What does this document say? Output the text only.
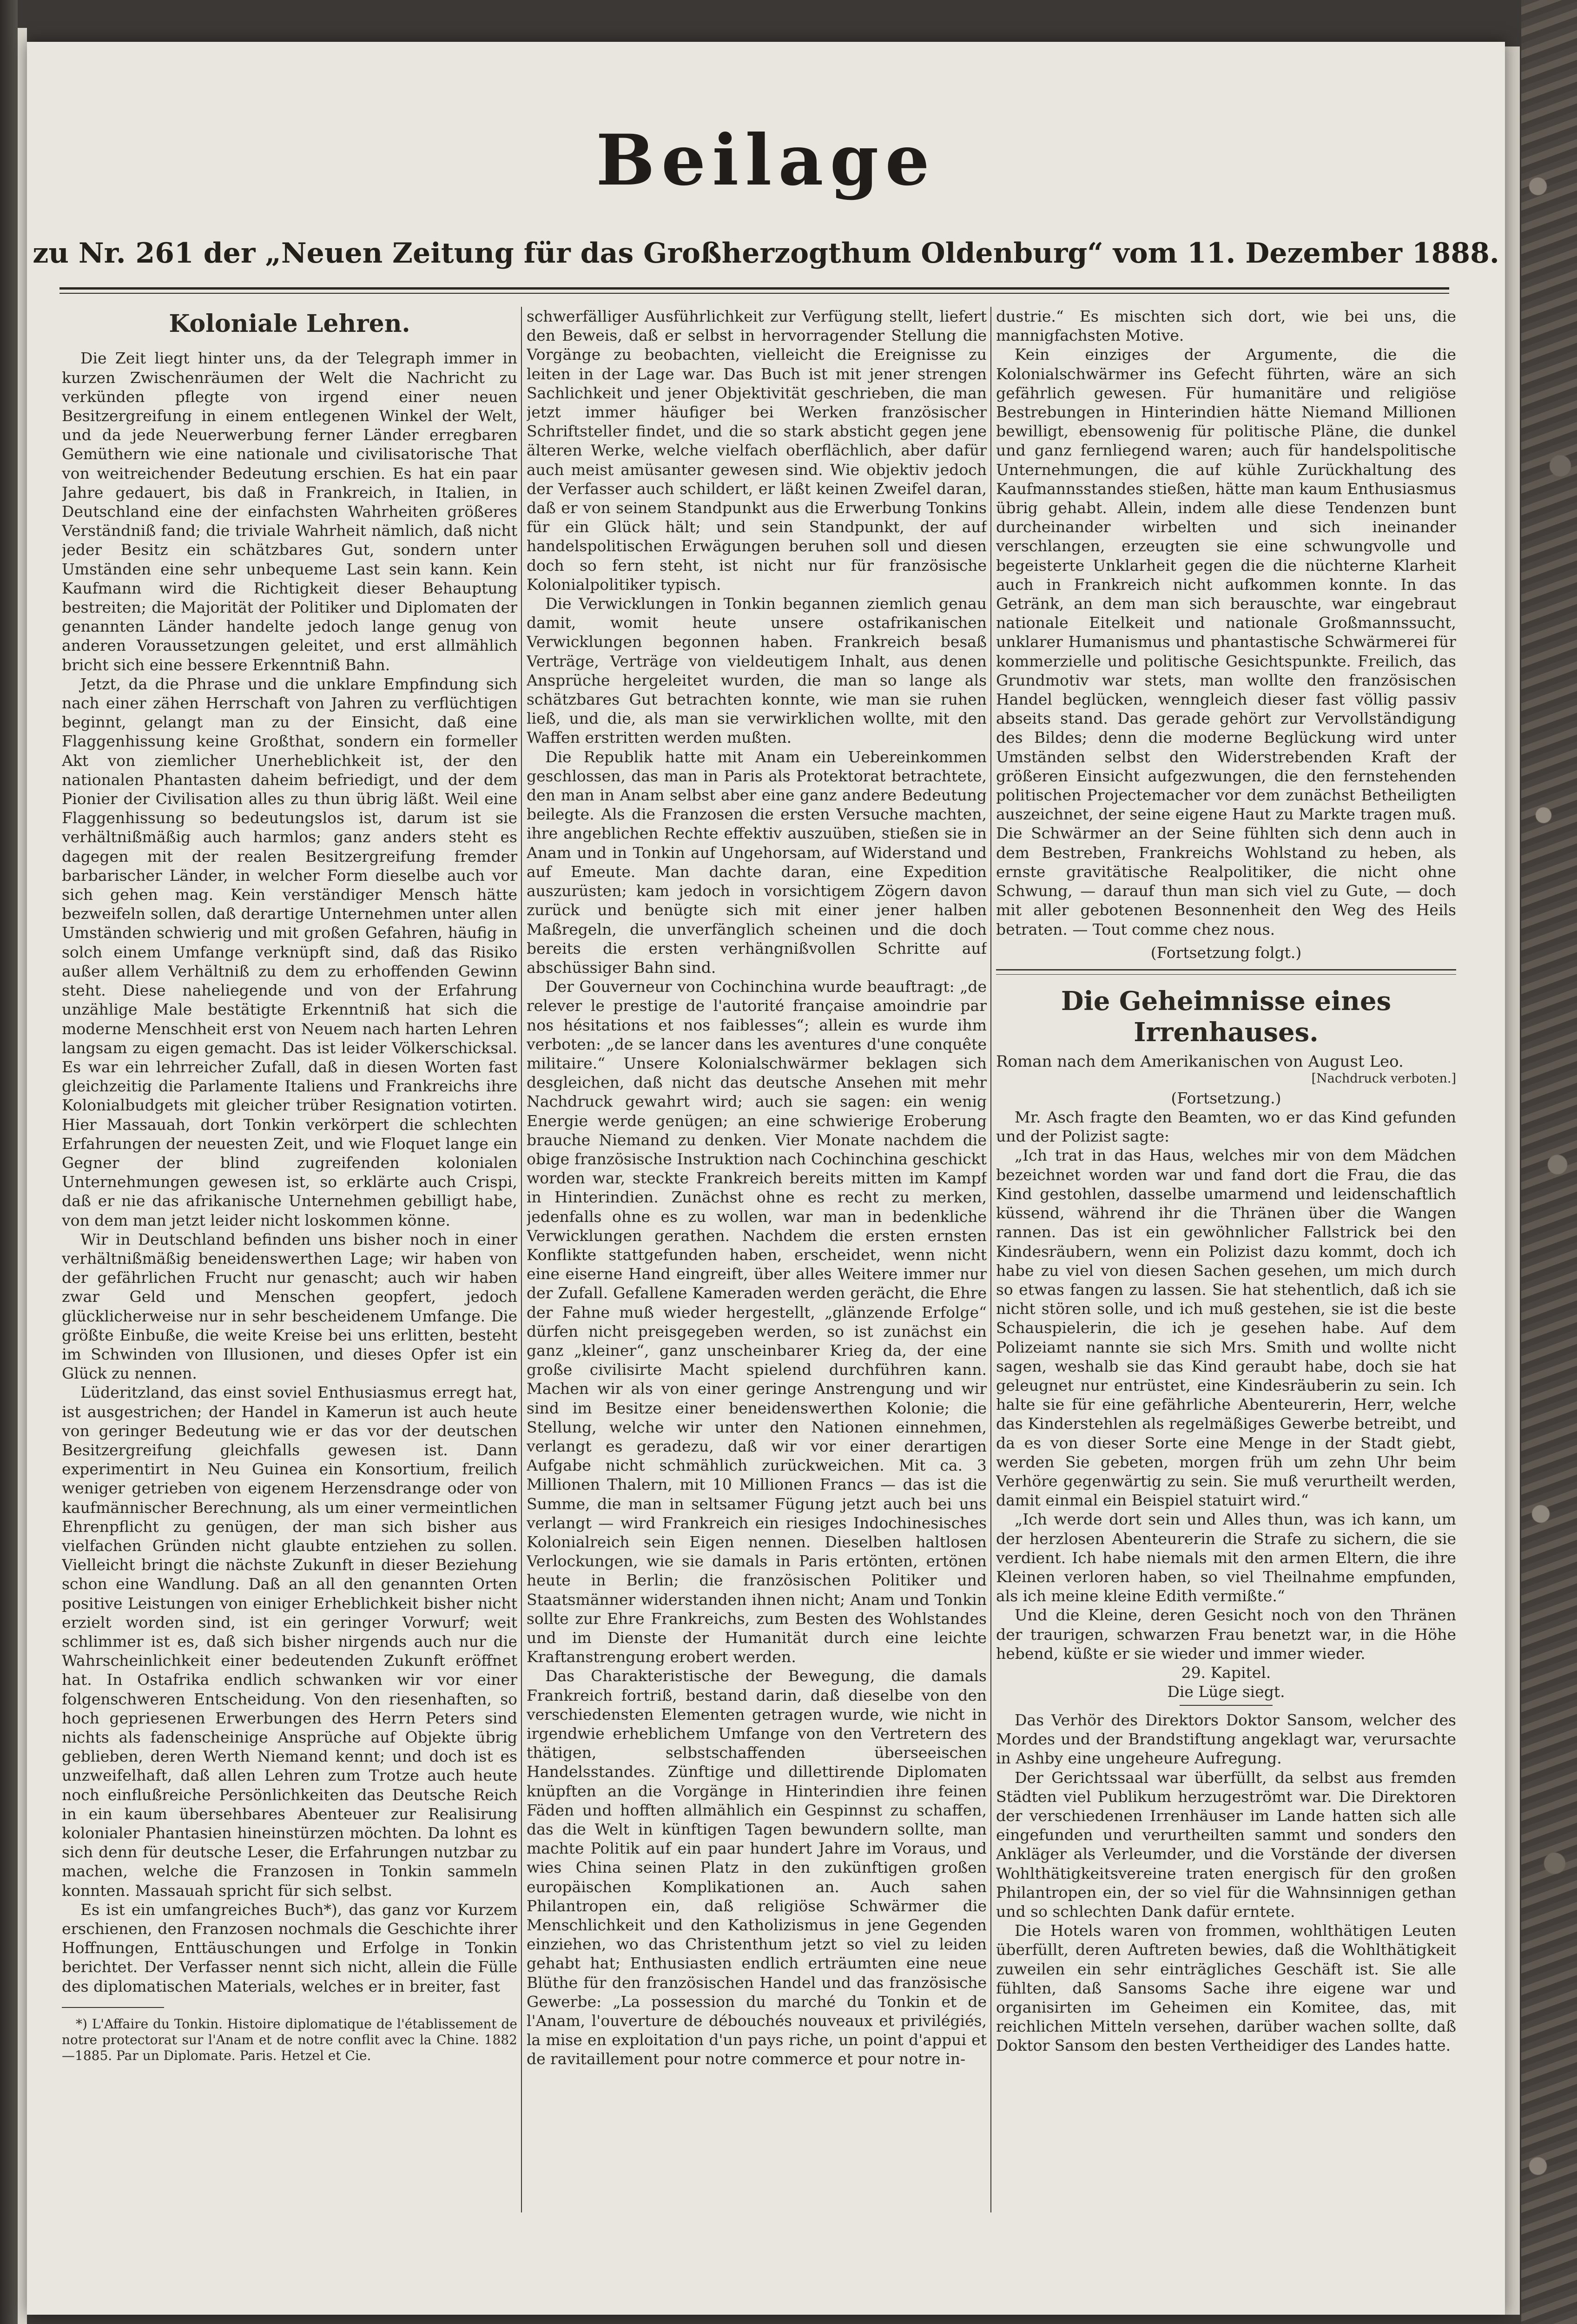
Beilage
zu Nr. 261 der „Neuen Zeitung für das Großherzogthum Oldenburg“ vom 11. Dezember 1888.
Koloniale Lehren.

Die Zeit liegt hinter uns, da der Telegraph immer in kurzen Zwischenräumen der Welt die Nachricht zu verkünden pflegte von irgend einer neuen Besitzergreifung in einem entlegenen Winkel der Welt, und da jede Neuerwerbung ferner Länder erregbaren Gemüthern wie eine nationale und civilisatorische That von weitreichender Bedeutung erschien. Es hat ein paar Jahre gedauert, bis daß in Frankreich, in Italien, in Deutschland eine der einfachsten Wahrheiten größeres Verständniß fand; die triviale Wahrheit nämlich, daß nicht jeder Besitz ein schätzbares Gut, sondern unter Umständen eine sehr unbequeme Last sein kann. Kein Kaufmann wird die Richtigkeit dieser Behauptung bestreiten; die Majorität der Politiker und Diplomaten der genannten Länder handelte jedoch lange genug von anderen Voraussetzungen geleitet, und erst allmählich bricht sich eine bessere Erkenntniß Bahn.

Jetzt, da die Phrase und die unklare Empfindung sich nach einer zähen Herrschaft von Jahren zu verflüchtigen beginnt, gelangt man zu der Einsicht, daß eine Flaggenhissung keine Großthat, sondern ein formeller Akt von ziemlicher Unerheblichkeit ist, der den nationalen Phantasten daheim befriedigt, und der dem Pionier der Civilisation alles zu thun übrig läßt. Weil eine Flaggenhissung so bedeutungslos ist, darum ist sie verhältnißmäßig auch harmlos; ganz anders steht es dagegen mit der realen Besitzergreifung fremder barbarischer Länder, in welcher Form dieselbe auch vor sich gehen mag. Kein verständiger Mensch hätte bezweifeln sollen, daß derartige Unternehmen unter allen Umständen schwierig und mit großen Gefahren, häufig in solch einem Umfange verknüpft sind, daß das Risiko außer allem Verhältniß zu dem zu erhoffenden Gewinn steht. Diese naheliegende und von der Erfahrung unzählige Male bestätigte Erkenntniß hat sich die moderne Menschheit erst von Neuem nach harten Lehren langsam zu eigen gemacht. Das ist leider Völkerschicksal. Es war ein lehrreicher Zufall, daß in diesen Worten fast gleichzeitig die Parlamente Italiens und Frankreichs ihre Kolonialbudgets mit gleicher trüber Resignation votirten. Hier Massauah, dort Tonkin verkörpert die schlechten Erfahrungen der neuesten Zeit, und wie Floquet lange ein Gegner der blind zugreifenden kolonialen Unternehmungen gewesen ist, so erklärte auch Crispi, daß er nie das afrikanische Unternehmen gebilligt habe, von dem man jetzt leider nicht loskommen könne.

Wir in Deutschland befinden uns bisher noch in einer verhältnißmäßig beneidenswerthen Lage; wir haben von der gefährlichen Frucht nur genascht; auch wir haben zwar Geld und Menschen geopfert, jedoch glücklicherweise nur in sehr bescheidenem Umfange. Die größte Einbuße, die weite Kreise bei uns erlitten, besteht im Schwinden von Illusionen, und dieses Opfer ist ein Glück zu nennen.

Lüderitzland, das einst soviel Enthusiasmus erregt hat, ist ausgestrichen; der Handel in Kamerun ist auch heute von geringer Bedeutung wie er das vor der deutschen Besitzergreifung gleichfalls gewesen ist. Dann experimentirt in Neu Guinea ein Konsortium, freilich weniger getrieben von eigenem Herzensdrange oder von kaufmännischer Berechnung, als um einer vermeintlichen Ehrenpflicht zu genügen, der man sich bisher aus vielfachen Gründen nicht glaubte entziehen zu sollen. Vielleicht bringt die nächste Zukunft in dieser Beziehung schon eine Wandlung. Daß an all den genannten Orten positive Leistungen von einiger Erheblichkeit bisher nicht erzielt worden sind, ist ein geringer Vorwurf; weit schlimmer ist es, daß sich bisher nirgends auch nur die Wahrscheinlichkeit einer bedeutenden Zukunft eröffnet hat. In Ostafrika endlich schwanken wir vor einer folgenschweren Entscheidung. Von den riesenhaften, so hoch gepriesenen Erwerbungen des Herrn Peters sind nichts als fadenscheinige Ansprüche auf Objekte übrig geblieben, deren Werth Niemand kennt; und doch ist es unzweifelhaft, daß allen Lehren zum Trotze auch heute noch einflußreiche Persönlichkeiten das Deutsche Reich in ein kaum übersehbares Abenteuer zur Realisirung kolonialer Phantasien hineinstürzen möchten. Da lohnt es sich denn für deutsche Leser, die Erfahrungen nutzbar zu machen, welche die Franzosen in Tonkin sammeln konnten. Massauah spricht für sich selbst.

Es ist ein umfangreiches Buch*), das ganz vor Kurzem erschienen, den Franzosen nochmals die Geschichte ihrer Hoffnungen, Enttäuschungen und Erfolge in Tonkin berichtet. Der Verfasser nennt sich nicht, allein die Fülle des diplomatischen Materials, welches er in breiter, fast

*) L'Affaire du Tonkin. Histoire diplomatique de l'établissement de notre protectorat sur l'Anam et de notre conflit avec la Chine. 1882—1885. Par un Diplomate. Paris. Hetzel et Cie.

schwerfälliger Ausführlichkeit zur Verfügung stellt, liefert den Beweis, daß er selbst in hervorragender Stellung die Vorgänge zu beobachten, vielleicht die Ereignisse zu leiten in der Lage war. Das Buch ist mit jener strengen Sachlichkeit und jener Objektivität geschrieben, die man jetzt immer häufiger bei Werken französischer Schriftsteller findet, und die so stark absticht gegen jene älteren Werke, welche vielfach oberflächlich, aber dafür auch meist amüsanter gewesen sind. Wie objektiv jedoch der Verfasser auch schildert, er läßt keinen Zweifel daran, daß er von seinem Standpunkt aus die Erwerbung Tonkins für ein Glück hält; und sein Standpunkt, der auf handelspolitischen Erwägungen beruhen soll und diesen doch so fern steht, ist nicht nur für französische Kolonialpolitiker typisch.

Die Verwicklungen in Tonkin begannen ziemlich genau damit, womit heute unsere ostafrikanischen Verwicklungen begonnen haben. Frankreich besaß Verträge, Verträge von vieldeutigem Inhalt, aus denen Ansprüche hergeleitet wurden, die man so lange als schätzbares Gut betrachten konnte, wie man sie ruhen ließ, und die, als man sie verwirklichen wollte, mit den Waffen erstritten werden mußten.

Die Republik hatte mit Anam ein Uebereinkommen geschlossen, das man in Paris als Protektorat betrachtete, den man in Anam selbst aber eine ganz andere Bedeutung beilegte. Als die Franzosen die ersten Versuche machten, ihre angeblichen Rechte effektiv auszuüben, stießen sie in Anam und in Tonkin auf Ungehorsam, auf Widerstand und auf Emeute. Man dachte daran, eine Expedition auszurüsten; kam jedoch in vorsichtigem Zögern davon zurück und benügte sich mit einer jener halben Maßregeln, die unverfänglich scheinen und die doch bereits die ersten verhängnißvollen Schritte auf abschüssiger Bahn sind.

Der Gouverneur von Cochinchina wurde beauftragt: „de relever le prestige de l'autorité française amoindrie par nos hésitations et nos faiblesses“; allein es wurde ihm verboten: „de se lancer dans les aventures d'une conquête militaire.“ Unsere Kolonialschwärmer beklagen sich desgleichen, daß nicht das deutsche Ansehen mit mehr Nachdruck gewahrt wird; auch sie sagen: ein wenig Energie werde genügen; an eine schwierige Eroberung brauche Niemand zu denken. Vier Monate nachdem die obige französische Instruktion nach Cochinchina geschickt worden war, steckte Frankreich bereits mitten im Kampf in Hinterindien. Zunächst ohne es recht zu merken, jedenfalls ohne es zu wollen, war man in bedenkliche Verwicklungen gerathen. Nachdem die ersten ernsten Konflikte stattgefunden haben, erscheidet, wenn nicht eine eiserne Hand eingreift, über alles Weitere immer nur der Zufall. Gefallene Kameraden werden gerächt, die Ehre der Fahne muß wieder hergestellt, „glänzende Erfolge“ dürfen nicht preisgegeben werden, so ist zunächst ein ganz „kleiner“, ganz unscheinbarer Krieg da, der eine große civilisirte Macht spielend durchführen kann. Machen wir als von einer geringe Anstrengung und wir sind im Besitze einer beneidenswerthen Kolonie; die Stellung, welche wir unter den Nationen einnehmen, verlangt es geradezu, daß wir vor einer derartigen Aufgabe nicht schmählich zurückweichen. Mit ca. 3 Millionen Thalern, mit 10 Millionen Francs — das ist die Summe, die man in seltsamer Fügung jetzt auch bei uns verlangt — wird Frankreich ein riesiges Indochinesisches Kolonialreich sein Eigen nennen. Dieselben haltlosen Verlockungen, wie sie damals in Paris ertönten, ertönen heute in Berlin; die französischen Politiker und Staatsmänner widerstanden ihnen nicht; Anam und Tonkin sollte zur Ehre Frankreichs, zum Besten des Wohlstandes und im Dienste der Humanität durch eine leichte Kraftanstrengung erobert werden.

Das Charakteristische der Bewegung, die damals Frankreich fortriß, bestand darin, daß dieselbe von den verschiedensten Elementen getragen wurde, wie nicht in irgendwie erheblichem Umfange von den Vertretern des thätigen, selbstschaffenden überseeischen Handelsstandes. Zünftige und dillettirende Diplomaten knüpften an die Vorgänge in Hinterindien ihre feinen Fäden und hofften allmählich ein Gespinnst zu schaffen, das die Welt in künftigen Tagen bewundern sollte, man machte Politik auf ein paar hundert Jahre im Voraus, und wies China seinen Platz in den zukünftigen großen europäischen Komplikationen an. Auch sahen Philantropen ein, daß religiöse Schwärmer die Menschlichkeit und den Katholizismus in jene Gegenden einziehen, wo das Christenthum jetzt so viel zu leiden gehabt hat; Enthusiasten endlich erträumten eine neue Blüthe für den französischen Handel und das französische Gewerbe: „La possession du marché du Tonkin et de l'Anam, l'ouverture de débouchés nouveaux et privilégiés, la mise en exploitation d'un pays riche, un point d'appui et de ravitaillement pour notre commerce et pour notre in-

dustrie.“ Es mischten sich dort, wie bei uns, die mannigfachsten Motive.

Kein einziges der Argumente, die die Kolonialschwärmer ins Gefecht führten, wäre an sich gefährlich gewesen. Für humanitäre und religiöse Bestrebungen in Hinterindien hätte Niemand Millionen bewilligt, ebensowenig für politische Pläne, die dunkel und ganz fernliegend waren; auch für handelspolitische Unternehmungen, die auf kühle Zurückhaltung des Kaufmannsstandes stießen, hätte man kaum Enthusiasmus übrig gehabt. Allein, indem alle diese Tendenzen bunt durcheinander wirbelten und sich ineinander verschlangen, erzeugten sie eine schwungvolle und begeisterte Unklarheit gegen die die nüchterne Klarheit auch in Frankreich nicht aufkommen konnte. In das Getränk, an dem man sich berauschte, war eingebraut nationale Eitelkeit und nationale Großmannssucht, unklarer Humanismus und phantastische Schwärmerei für kommerzielle und politische Gesichtspunkte. Freilich, das Grundmotiv war stets, man wollte den französischen Handel beglücken, wenngleich dieser fast völlig passiv abseits stand. Das gerade gehört zur Vervollständigung des Bildes; denn die moderne Beglückung wird unter Umständen selbst den Widerstrebenden Kraft der größeren Einsicht aufgezwungen, die den fernstehenden politischen Projectemacher vor dem zunächst Betheiligten auszeichnet, der seine eigene Haut zu Markte tragen muß. Die Schwärmer an der Seine fühlten sich denn auch in dem Bestreben, Frankreichs Wohlstand zu heben, als ernste gravitätische Realpolitiker, die nicht ohne Schwung, — darauf thun man sich viel zu Gute, — doch mit aller gebotenen Besonnenheit den Weg des Heils betraten. — Tout comme chez nous.

(Fortsetzung folgt.)
Die Geheimnisse eines Irrenhauses.

Roman nach dem Amerikanischen von August Leo.

[Nachdruck verboten.]
(Fortsetzung.)

Mr. Asch fragte den Beamten, wo er das Kind gefunden und der Polizist sagte:

„Ich trat in das Haus, welches mir von dem Mädchen bezeichnet worden war und fand dort die Frau, die das Kind gestohlen, dasselbe umarmend und leidenschaftlich küssend, während ihr die Thränen über die Wangen rannen. Das ist ein gewöhnlicher Fallstrick bei den Kindesräubern, wenn ein Polizist dazu kommt, doch ich habe zu viel von diesen Sachen gesehen, um mich durch so etwas fangen zu lassen. Sie hat stehentlich, daß ich sie nicht stören solle, und ich muß gestehen, sie ist die beste Schauspielerin, die ich je gesehen habe. Auf dem Polizeiamt nannte sie sich Mrs. Smith und wollte nicht sagen, weshalb sie das Kind geraubt habe, doch sie hat geleugnet nur entrüstet, eine Kindesräuberin zu sein. Ich halte sie für eine gefährliche Abenteurerin, Herr, welche das Kinderstehlen als regelmäßiges Gewerbe betreibt, und da es von dieser Sorte eine Menge in der Stadt giebt, werden Sie gebeten, morgen früh um zehn Uhr beim Verhöre gegenwärtig zu sein. Sie muß verurtheilt werden, damit einmal ein Beispiel statuirt wird.“

„Ich werde dort sein und Alles thun, was ich kann, um der herzlosen Abenteurerin die Strafe zu sichern, die sie verdient. Ich habe niemals mit den armen Eltern, die ihre Kleinen verloren haben, so viel Theilnahme empfunden, als ich meine kleine Edith vermißte.“

Und die Kleine, deren Gesicht noch von den Thränen der traurigen, schwarzen Frau benetzt war, in die Höhe hebend, küßte er sie wieder und immer wieder.

29. Kapitel.
Die Lüge siegt.

Das Verhör des Direktors Doktor Sansom, welcher des Mordes und der Brandstiftung angeklagt war, verursachte in Ashby eine ungeheure Aufregung.

Der Gerichtssaal war überfüllt, da selbst aus fremden Städten viel Publikum herzugeströmt war. Die Direktoren der verschiedenen Irrenhäuser im Lande hatten sich alle eingefunden und verurtheilten sammt und sonders den Ankläger als Verleumder, und die Vorstände der diversen Wohlthätigkeitsvereine traten energisch für den großen Philantropen ein, der so viel für die Wahnsinnigen gethan und so schlechten Dank dafür erntete.

Die Hotels waren von frommen, wohlthätigen Leuten überfüllt, deren Auftreten bewies, daß die Wohlthätigkeit zuweilen ein sehr einträgliches Geschäft ist. Sie alle fühlten, daß Sansoms Sache ihre eigene war und organisirten im Geheimen ein Komitee, das, mit reichlichen Mitteln versehen, darüber wachen sollte, daß Doktor Sansom den besten Vertheidiger des Landes hatte.
